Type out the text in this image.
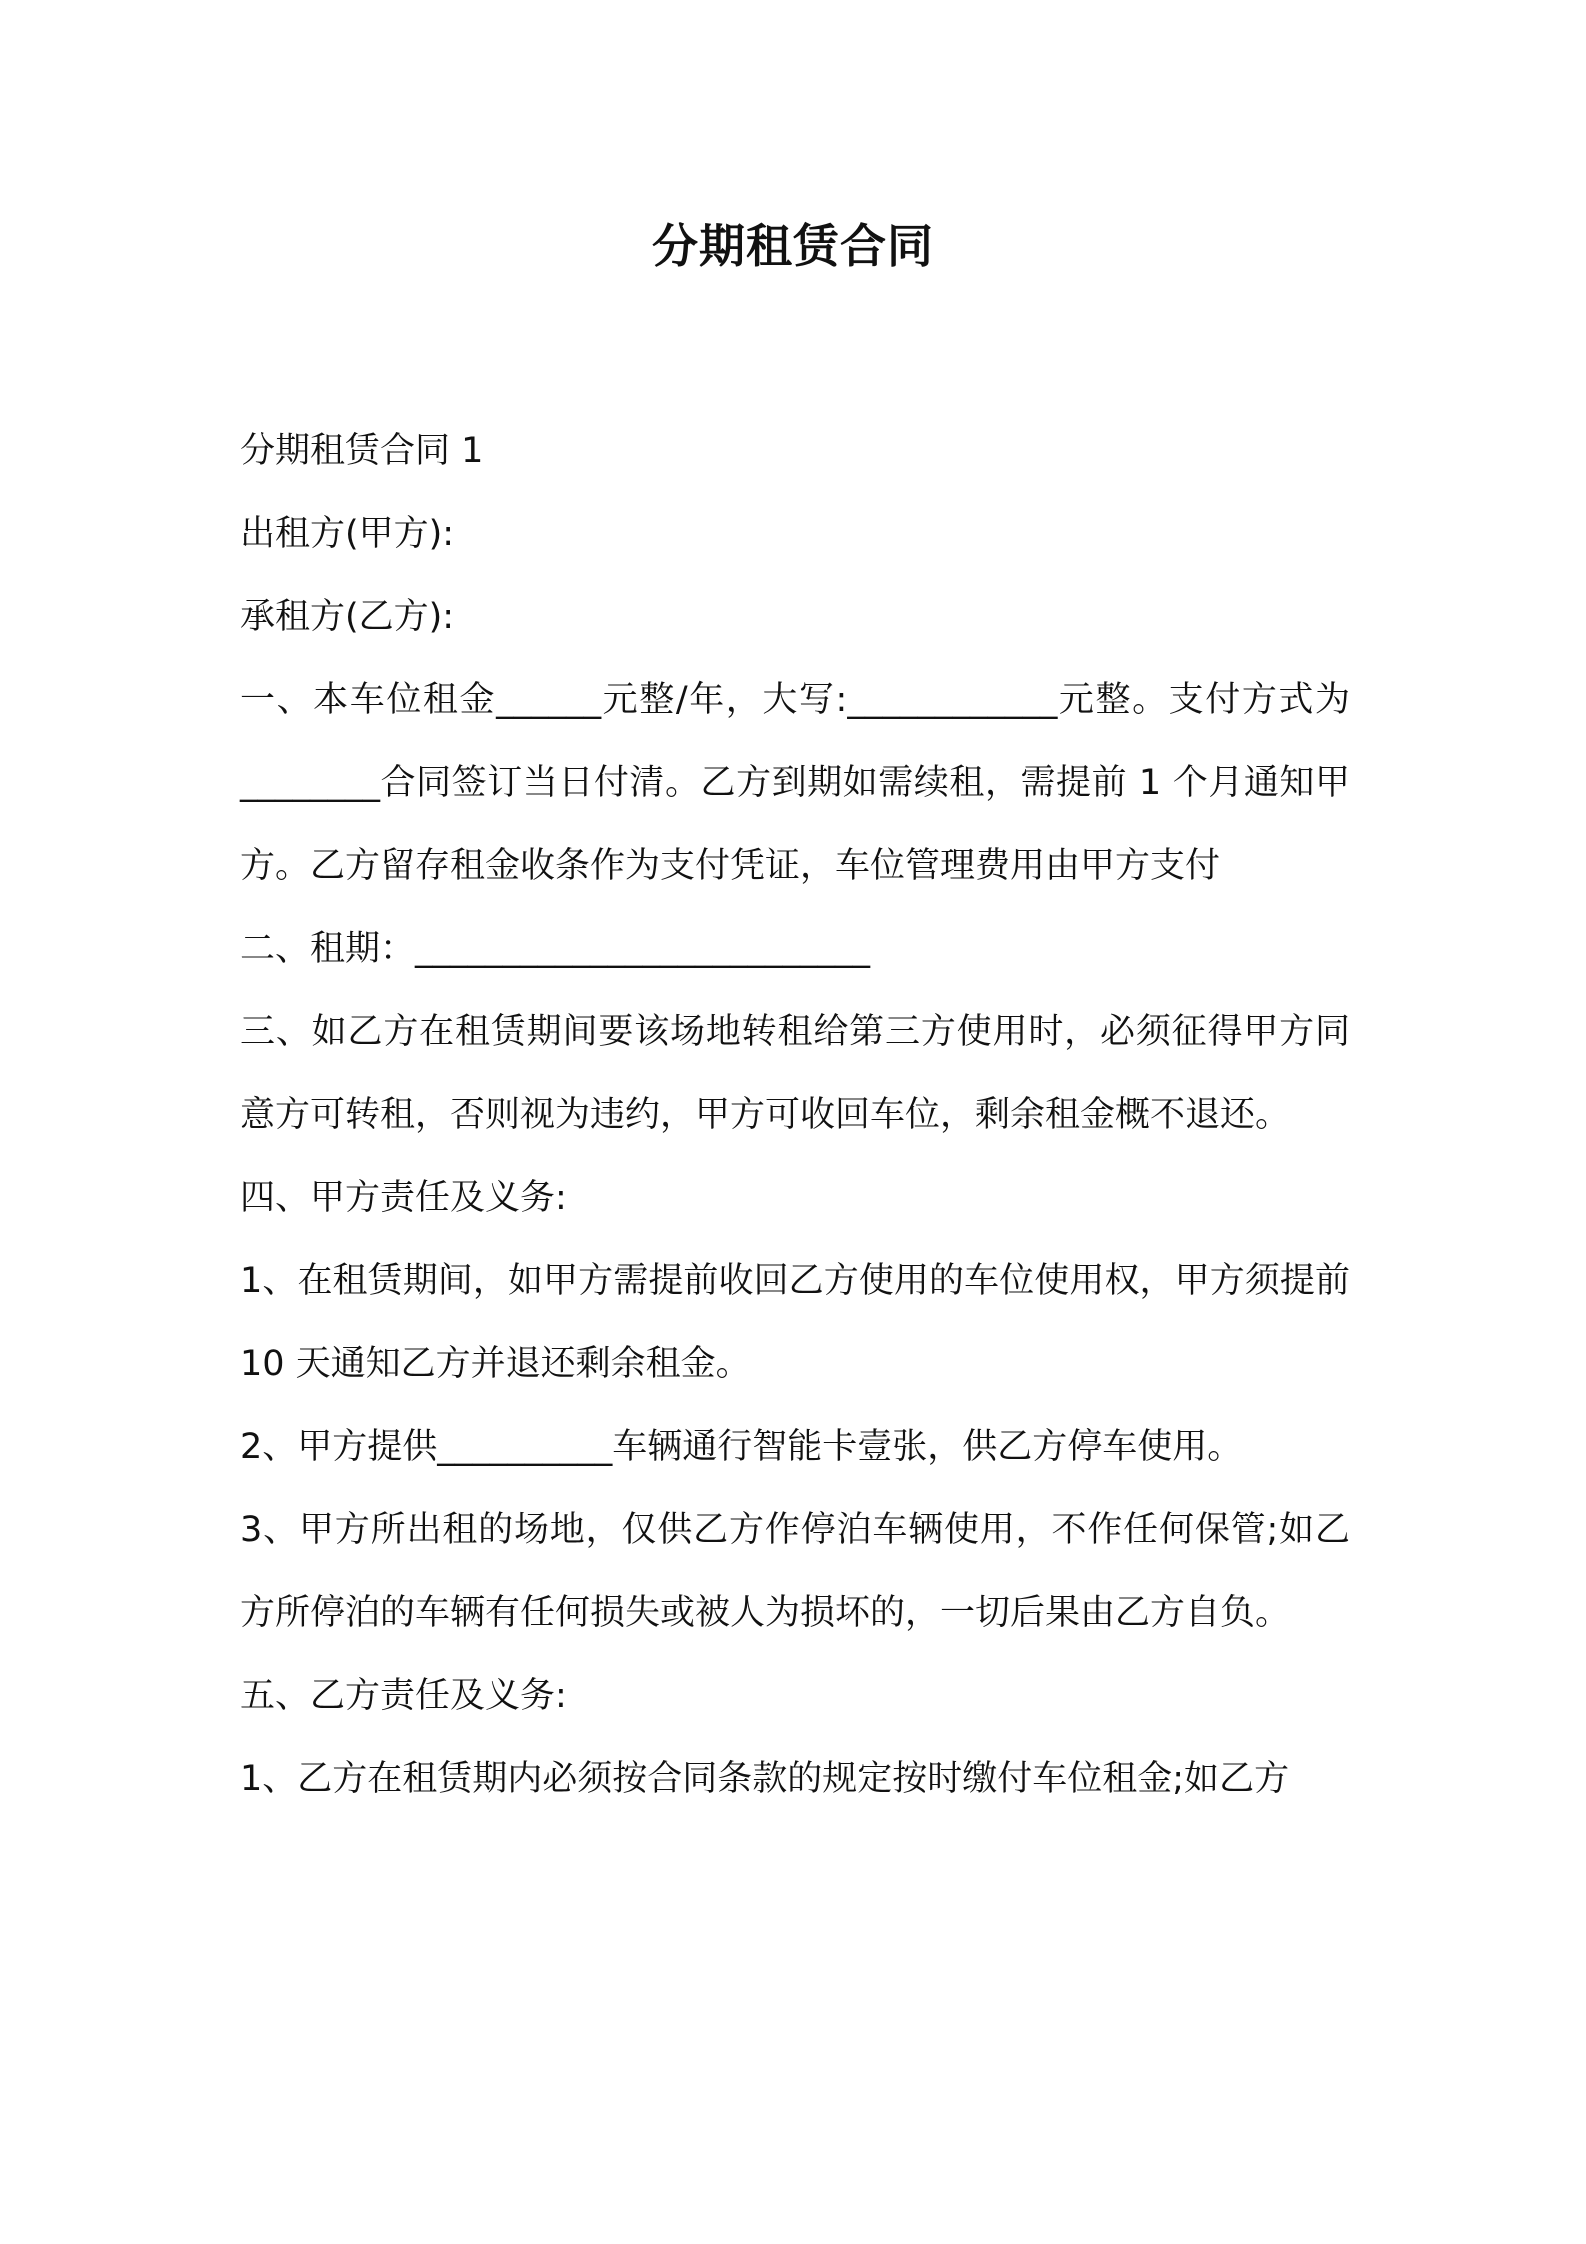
分期租赁合同

分期租赁合同 1

出租方(甲方):

承租方(乙方):

一、本车位租金______元整/年，大写:____________元整。支付方式为________合同签订当日付清。乙方到期如需续租，需提前 1 个月通知甲方。乙方留存租金收条作为支付凭证，车位管理费用由甲方支付

二、租期：__________________________

三、如乙方在租赁期间要该场地转租给第三方使用时，必须征得甲方同意方可转租，否则视为违约，甲方可收回车位，剩余租金概不退还。

四、甲方责任及义务:

1、在租赁期间，如甲方需提前收回乙方使用的车位使用权，甲方须提前 10 天通知乙方并退还剩余租金。

2、甲方提供__________车辆通行智能卡壹张，供乙方停车使用。

3、甲方所出租的场地，仅供乙方作停泊车辆使用，不作任何保管;如乙方所停泊的车辆有任何损失或被人为损坏的，一切后果由乙方自负。

五、乙方责任及义务:

1、乙方在租赁期内必须按合同条款的规定按时缴付车位租金;如乙方
